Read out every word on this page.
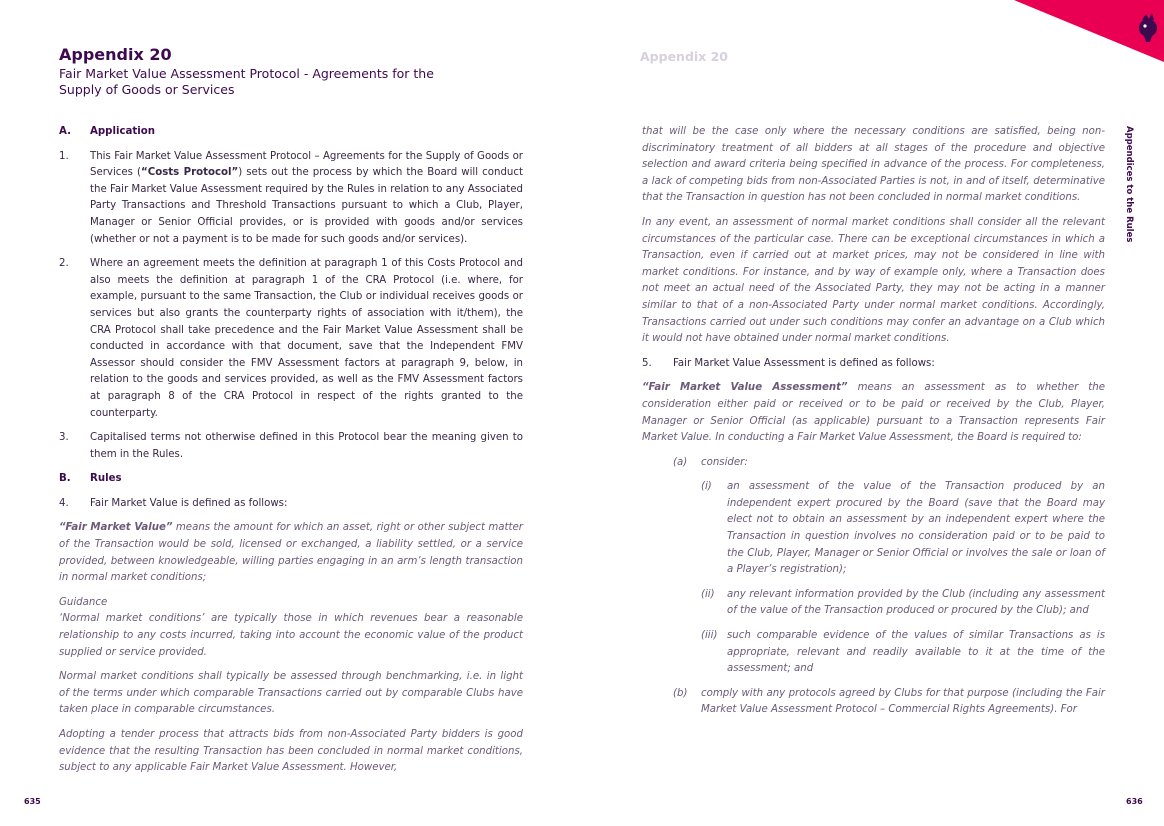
Appendix 20
Fair Market Value Assessment Protocol - Agreements for the Supply of Goods or Services
A.	Application
1.	This Fair Market Value Assessment Protocol – Agreements for the Supply of Goods or Services (“Costs Protocol”) sets out the process by which the Board will conduct the Fair Market Value Assessment required by the Rules in relation to any Associated Party Transactions and Threshold Transactions pursuant to which a Club, Player, Manager or Senior Official provides, or is provided with goods and/or services (whether or not a payment is to be made for such goods and/or services).
2.	Where an agreement meets the definition at paragraph 1 of this Costs Protocol and also meets the definition at paragraph 1 of the CRA Protocol (i.e. where, for example, pursuant to the same Transaction, the Club or individual receives goods or services but also grants the counterparty rights of association with it/them), the CRA Protocol shall take precedence and the Fair Market Value Assessment shall be conducted in accordance with that document, save that the Independent FMV Assessor should consider the FMV Assessment factors at paragraph 9, below, in relation to the goods and services provided, as well as the FMV Assessment factors at paragraph 8 of the CRA Protocol in respect of the rights granted to the counterparty.
3.	Capitalised terms not otherwise defined in this Protocol bear the meaning given to them in the Rules.
B.	Rules
4.	Fair Market Value is defined as follows:

“Fair Market Value” means the amount for which an asset, right or other subject matter of the Transaction would be sold, licensed or exchanged, a liability settled, or a service provided, between knowledgeable, willing parties engaging in an arm’s length transaction in normal market conditions;

Guidance

‘Normal market conditions’ are typically those in which revenues bear a reasonable relationship to any costs incurred, taking into account the economic value of the product supplied or service provided.

Normal market conditions shall typically be assessed through benchmarking, i.e. in light of the terms under which comparable Transactions carried out by comparable Clubs have taken place in comparable circumstances.

Adopting a tender process that attracts bids from non-Associated Party bidders is good evidence that the resulting Transaction has been concluded in normal market conditions, subject to any applicable Fair Market Value Assessment. However,

635
Appendix 20

that will be the case only where the necessary conditions are satisfied, being non-discriminatory treatment of all bidders at all stages of the procedure and objective selection and award criteria being specified in advance of the process. For completeness, a lack of competing bids from non-Associated Parties is not, in and of itself, determinative that the Transaction in question has not been concluded in normal market conditions.

In any event, an assessment of normal market conditions shall consider all the relevant circumstances of the particular case. There can be exceptional circumstances in which a Transaction, even if carried out at market prices, may not be considered in line with market conditions. For instance, and by way of example only, where a Transaction does not meet an actual need of the Associated Party, they may not be acting in a manner similar to that of a non-Associated Party under normal market conditions. Accordingly, Transactions carried out under such conditions may confer an advantage on a Club which it would not have obtained under normal market conditions.

5.	Fair Market Value Assessment is defined as follows:

“Fair Market Value Assessment” means an assessment as to whether the consideration either paid or received or to be paid or received by the Club, Player, Manager or Senior Official (as applicable) pursuant to a Transaction represents Fair Market Value. In conducting a Fair Market Value Assessment, the Board is required to:

(a)	consider:
(i)	an assessment of the value of the Transaction produced by an independent expert procured by the Board (save that the Board may elect not to obtain an assessment by an independent expert where the Transaction in question involves no consideration paid or to be paid to the Club, Player, Manager or Senior Official or involves the sale or loan of a Player’s registration);
(ii)	any relevant information provided by the Club (including any assessment of the value of the Transaction produced or procured by the Club); and
(iii) such comparable evidence of the values of similar Transactions as is appropriate, relevant and readily available to it at the time of the assessment; and
(b)	comply with any protocols agreed by Clubs for that purpose (including the Fair Market Value Assessment Protocol – Commercial Rights Agreements). For
Appendices to the Rules
636
